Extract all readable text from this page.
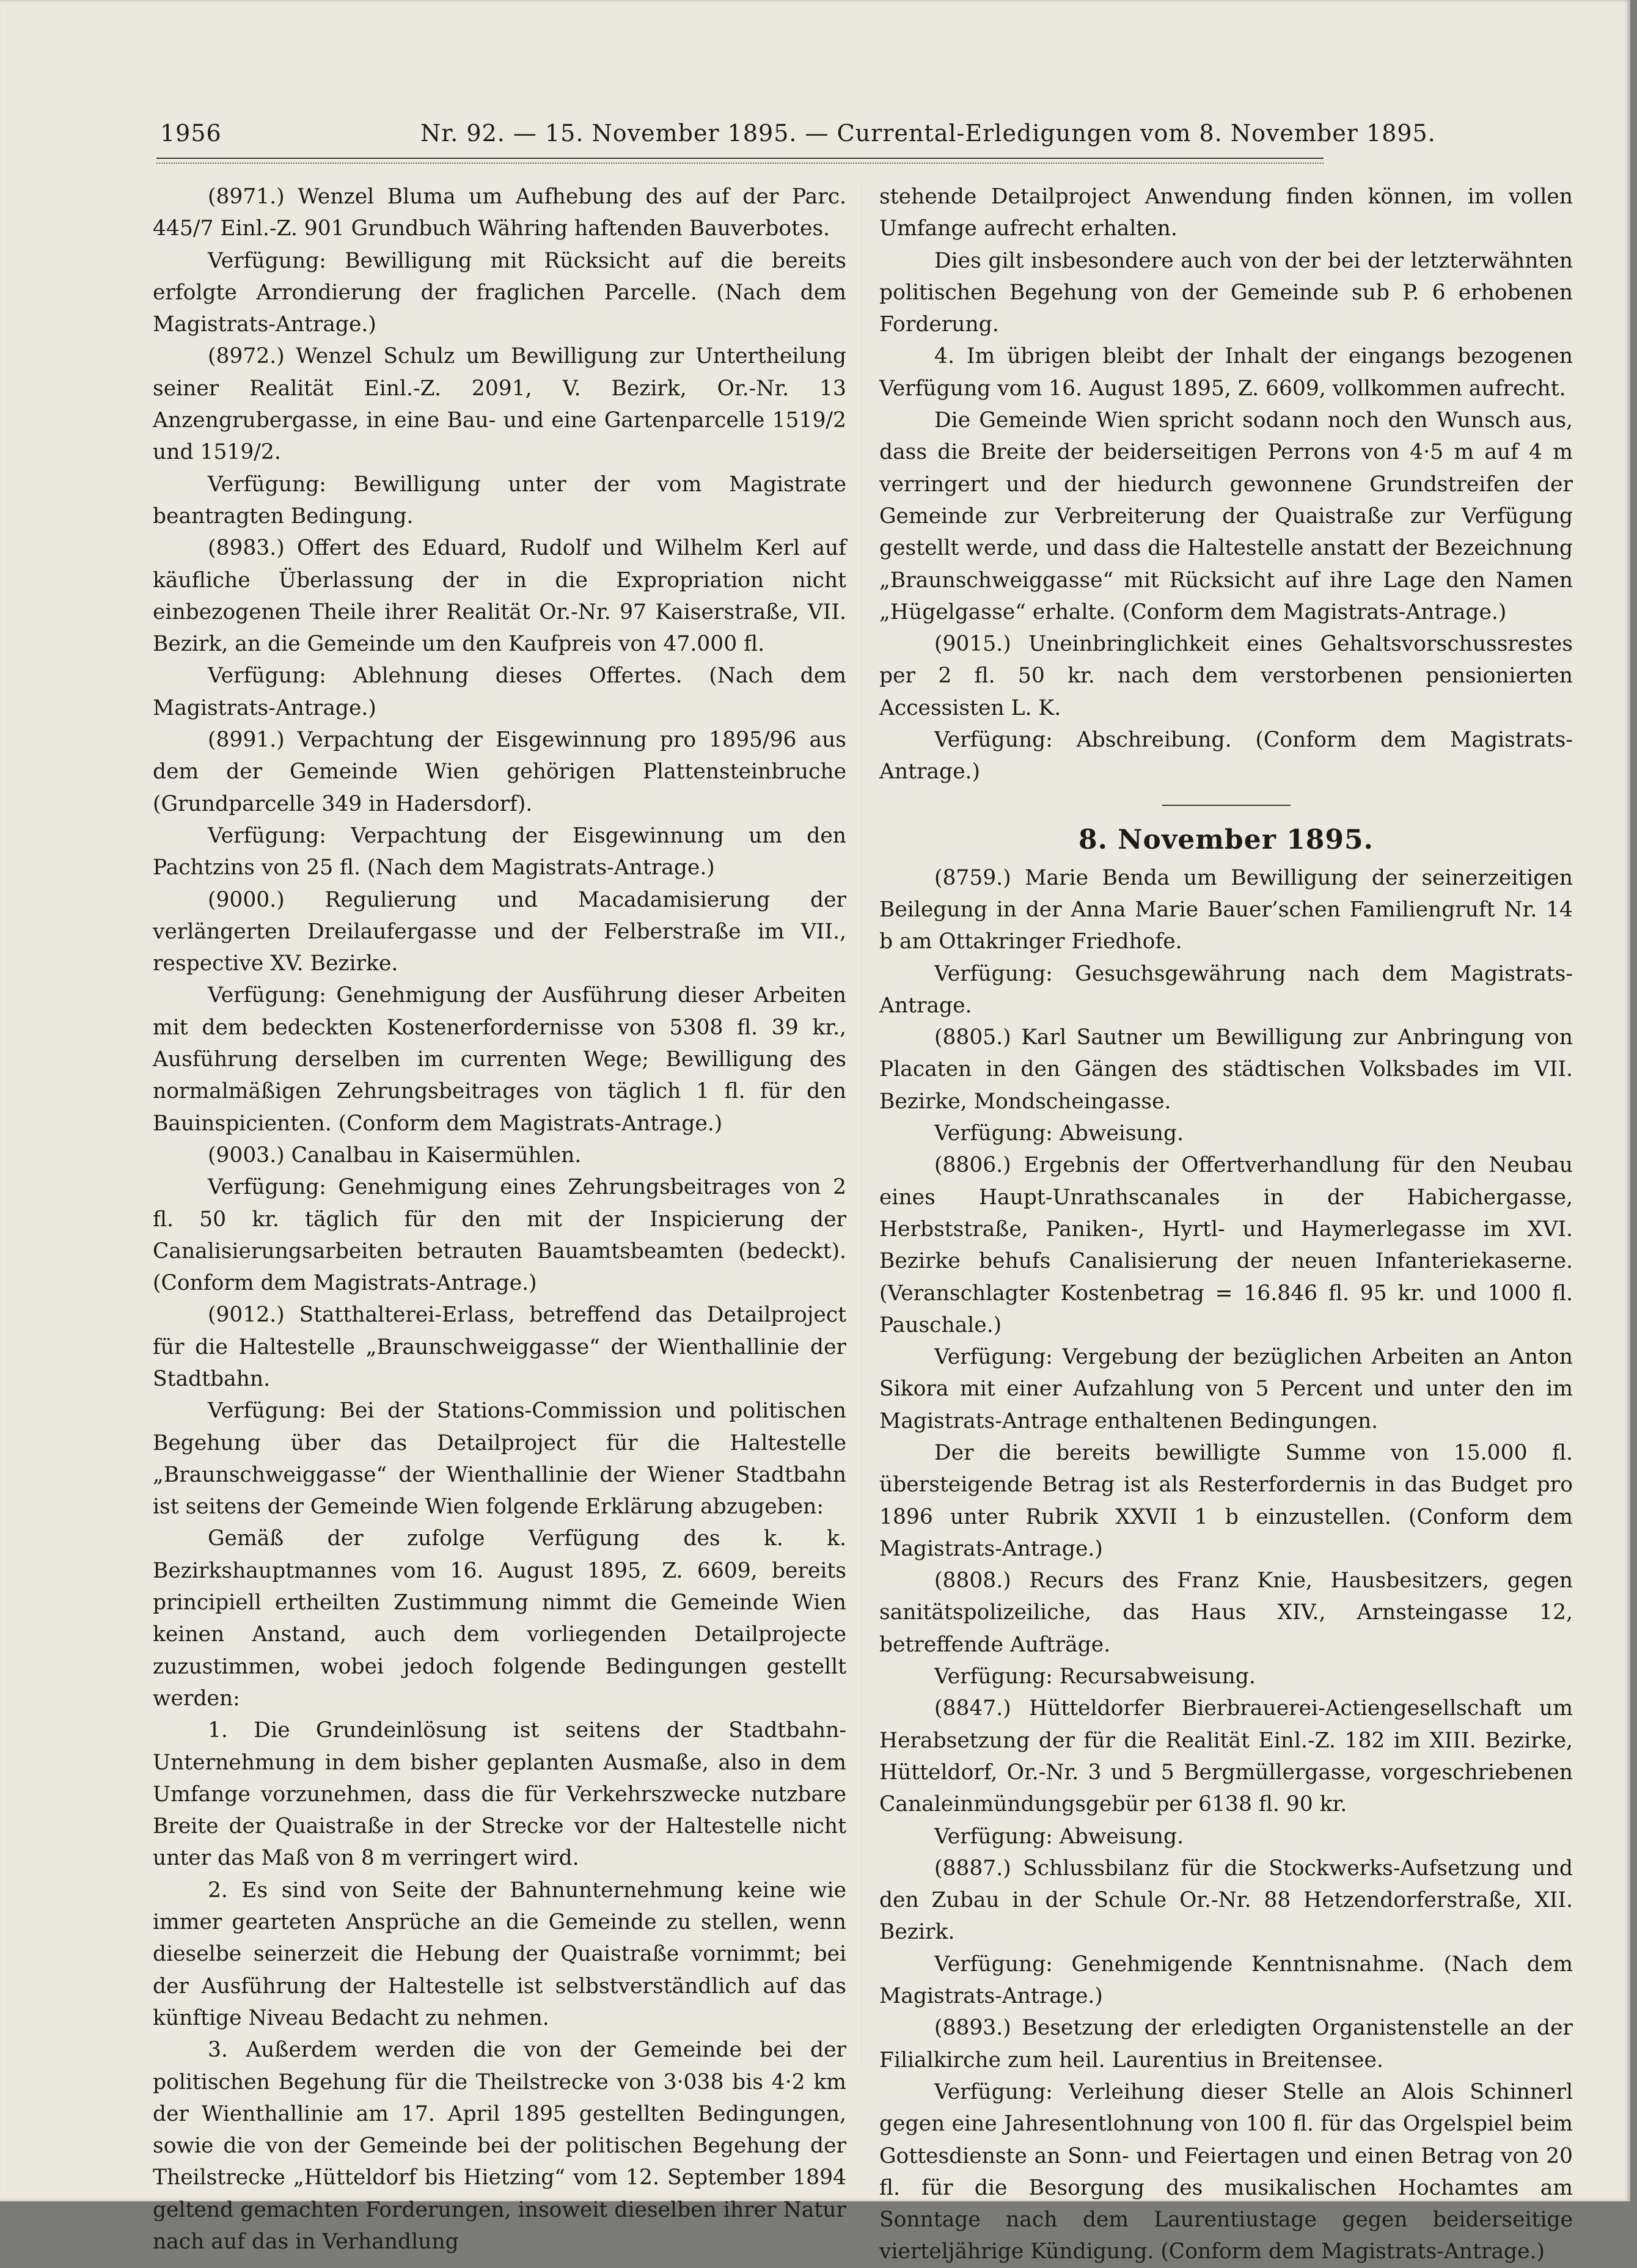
1956	Nr. 92. — 15. November 1895. — Currental-Erledigungen vom 8. November 1895.

(8971.) Wenzel Bluma um Aufhebung des auf der Parc. 445/7 Einl.-Z. 901 Grundbuch Währing haftenden Bauverbotes.

Verfügung: Bewilligung mit Rücksicht auf die bereits erfolgte Arrondierung der fraglichen Parcelle. (Nach dem Magistrats-Antrage.)

(8972.) Wenzel Schulz um Bewilligung zur Untertheilung seiner Realität Einl.-Z. 2091, V. Bezirk, Or.-Nr. 13 Anzengrubergasse, in eine Bau- und eine Gartenparcelle 1519/2 und 1519/2.

Verfügung: Bewilligung unter der vom Magistrate beantragten Bedingung.

(8983.) Offert des Eduard, Rudolf und Wilhelm Kerl auf käufliche Überlassung der in die Expropriation nicht einbezogenen Theile ihrer Realität Or.-Nr. 97 Kaiserstraße, VII. Bezirk, an die Gemeinde um den Kaufpreis von 47.000 fl.

Verfügung: Ablehnung dieses Offertes. (Nach dem Magistrats-Antrage.)

(8991.) Verpachtung der Eisgewinnung pro 1895/96 aus dem der Gemeinde Wien gehörigen Plattensteinbruche (Grundparcelle 349 in Hadersdorf).

Verfügung: Verpachtung der Eisgewinnung um den Pachtzins von 25 fl. (Nach dem Magistrats-Antrage.)

(9000.) Regulierung und Macadamisierung der verlängerten Dreilaufergasse und der Felberstraße im VII., respective XV. Bezirke.

Verfügung: Genehmigung der Ausführung dieser Arbeiten mit dem bedeckten Kostenerfordernisse von 5308 fl. 39 kr., Ausführung derselben im currenten Wege; Bewilligung des normalmäßigen Zehrungsbeitrages von täglich 1 fl. für den Bauinspicienten. (Conform dem Magistrats-Antrage.)

(9003.) Canalbau in Kaisermühlen.

Verfügung: Genehmigung eines Zehrungsbeitrages von 2 fl. 50 kr. täglich für den mit der Inspicierung der Canalisierungsarbeiten betrauten Bauamtsbeamten (bedeckt). (Conform dem Magistrats-Antrage.)

(9012.) Statthalterei-Erlass, betreffend das Detailproject für die Haltestelle „Braunschweiggasse“ der Wienthallinie der Stadtbahn.

Verfügung: Bei der Stations-Commission und politischen Begehung über das Detailproject für die Haltestelle „Braunschweiggasse“ der Wienthallinie der Wiener Stadtbahn ist seitens der Gemeinde Wien folgende Erklärung abzugeben:

Gemäß der zufolge Verfügung des k. k. Bezirkshauptmannes vom 16. August 1895, Z. 6609, bereits principiell ertheilten Zustimmung nimmt die Gemeinde Wien keinen Anstand, auch dem vorliegenden Detailprojecte zuzustimmen, wobei jedoch folgende Bedingungen gestellt werden:

1. Die Grundeinlösung ist seitens der Stadtbahn-Unternehmung in dem bisher geplanten Ausmaße, also in dem Umfange vorzunehmen, dass die für Verkehrszwecke nutzbare Breite der Quaistraße in der Strecke vor der Haltestelle nicht unter das Maß von 8 m verringert wird.

2. Es sind von Seite der Bahnunternehmung keine wie immer gearteten Ansprüche an die Gemeinde zu stellen, wenn dieselbe seinerzeit die Hebung der Quaistraße vornimmt; bei der Ausführung der Haltestelle ist selbstverständlich auf das künftige Niveau Bedacht zu nehmen.

3. Außerdem werden die von der Gemeinde bei der politischen Begehung für die Theilstrecke von 3·038 bis 4·2 km der Wienthallinie am 17. April 1895 gestellten Bedingungen, sowie die von der Gemeinde bei der politischen Begehung der Theilstrecke „Hütteldorf bis Hietzing“ vom 12. September 1894 geltend gemachten Forderungen, insoweit dieselben ihrer Natur nach auf das in Verhandlung

stehende Detailproject Anwendung finden können, im vollen Umfange aufrecht erhalten.

Dies gilt insbesondere auch von der bei der letzterwähnten politischen Begehung von der Gemeinde sub P. 6 erhobenen Forderung.

4. Im übrigen bleibt der Inhalt der eingangs bezogenen Verfügung vom 16. August 1895, Z. 6609, vollkommen aufrecht.

Die Gemeinde Wien spricht sodann noch den Wunsch aus, dass die Breite der beiderseitigen Perrons von 4·5 m auf 4 m verringert und der hiedurch gewonnene Grundstreifen der Gemeinde zur Verbreiterung der Quaistraße zur Verfügung gestellt werde, und dass die Haltestelle anstatt der Bezeichnung „Braunschweiggasse“ mit Rücksicht auf ihre Lage den Namen „Hügelgasse“ erhalte. (Conform dem Magistrats-Antrage.)

(9015.) Uneinbringlichkeit eines Gehaltsvorschussrestes per 2 fl. 50 kr. nach dem verstorbenen pensionierten Accessisten L. K.

Verfügung: Abschreibung. (Conform dem Magistrats-Antrage.)

8. November 1895.

(8759.) Marie Benda um Bewilligung der seinerzeitigen Beilegung in der Anna Marie Bauer’schen Familiengruft Nr. 14 b am Ottakringer Friedhofe.

Verfügung: Gesuchsgewährung nach dem Magistrats-Antrage.

(8805.) Karl Sautner um Bewilligung zur Anbringung von Placaten in den Gängen des städtischen Volksbades im VII. Bezirke, Mondscheingasse.

Verfügung: Abweisung.

(8806.) Ergebnis der Offertverhandlung für den Neubau eines Haupt-Unrathscanales in der Habichergasse, Herbststraße, Paniken-, Hyrtl- und Haymerlegasse im XVI. Bezirke behufs Canalisierung der neuen Infanteriekaserne. (Veranschlagter Kostenbetrag = 16.846 fl. 95 kr. und 1000 fl. Pauschale.)

Verfügung: Vergebung der bezüglichen Arbeiten an Anton Sikora mit einer Aufzahlung von 5 Percent und unter den im Magistrats-Antrage enthaltenen Bedingungen.

Der die bereits bewilligte Summe von 15.000 fl. übersteigende Betrag ist als Resterfordernis in das Budget pro 1896 unter Rubrik XXVII 1 b einzustellen. (Conform dem Magistrats-Antrage.)

(8808.) Recurs des Franz Knie, Hausbesitzers, gegen sanitätspolizeiliche, das Haus XIV., Arnsteingasse 12, betreffende Aufträge.

Verfügung: Recursabweisung.

(8847.) Hütteldorfer Bierbrauerei-Actiengesellschaft um Herabsetzung der für die Realität Einl.-Z. 182 im XIII. Bezirke, Hütteldorf, Or.-Nr. 3 und 5 Bergmüllergasse, vorgeschriebenen Canaleinmündungsgebür per 6138 fl. 90 kr.

Verfügung: Abweisung.

(8887.) Schlussbilanz für die Stockwerks-Aufsetzung und den Zubau in der Schule Or.-Nr. 88 Hetzendorferstraße, XII. Bezirk.

Verfügung: Genehmigende Kenntnisnahme. (Nach dem Magistrats-Antrage.)

(8893.) Besetzung der erledigten Organistenstelle an der Filialkirche zum heil. Laurentius in Breitensee.

Verfügung: Verleihung dieser Stelle an Alois Schinnerl gegen eine Jahresentlohnung von 100 fl. für das Orgelspiel beim Gottesdienste an Sonn- und Feiertagen und einen Betrag von 20 fl. für die Besorgung des musikalischen Hochamtes am Sonntage nach dem Laurentiustage gegen beiderseitige vierteljährige Kündigung. (Conform dem Magistrats-Antrage.)
